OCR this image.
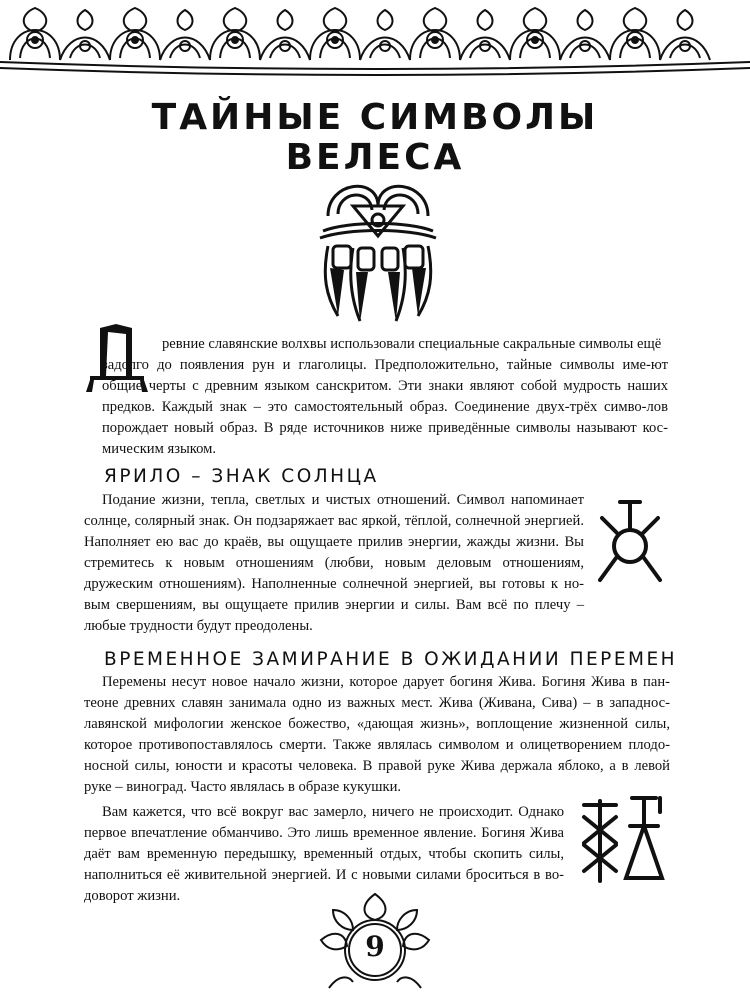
ТАЙНЫЕ СИМВОЛЫ
ВЕЛЕСА

ревние славянские волхвы использовали специальные сакральные символы ещё
задолго до появления рун и глаголицы. Предположительно, тайные символы име-ют общие черты с древним языком санскритом. Эти знаки являют собой мудрость наших предков. Каждый знак – это самостоятельный образ. Соединение двух-трёх симво-лов порождает новый образ. В ряде источников ниже приведённые символы называют кос-мическим языком.

ЯРИЛО – ЗНАК СОЛНЦА

Подание жизни, тепла, светлых и чистых отношений. Символ напоминает солнце, солярный знак. Он подзаряжает вас яркой, тёплой, солнечной энергией. Наполняет ею вас до краёв, вы ощущаете прилив энергии, жажды жизни. Вы стремитесь к новым отношениям (любви, новым деловым отношениям, дружеским отношениям). Наполненные солнечной энергией, вы готовы к но-вым свершениям, вы ощущаете прилив энергии и силы. Вам всё по плечу – любые трудности будут преодолены.

ВРЕМЕННОЕ ЗАМИРАНИЕ В ОЖИДАНИИ ПЕРЕМЕН

Перемены несут новое начало жизни, которое дарует богиня Жива. Богиня Жива в пан-теоне древних славян занимала одно из важных мест. Жива (Живана, Сива) – в западнос-лавянской мифологии женское божество, «дающая жизнь», воплощение жизненной силы, которое противопоставлялось смерти. Также являлась символом и олицетворением плодо-носной силы, юности и красоты человека. В правой руке Жива держала яблоко, а в левой руке – виноград. Часто являлась в образе кукушки.

Вам кажется, что всё вокруг вас замерло, ничего не происходит. Однако первое впечатление обманчиво. Это лишь временное явление. Богиня Жива даёт вам временную передышку, временный отдых, чтобы скопить силы, наполниться её живительной энергией. И с новыми силами броситься в во-доворот жизни.

9
